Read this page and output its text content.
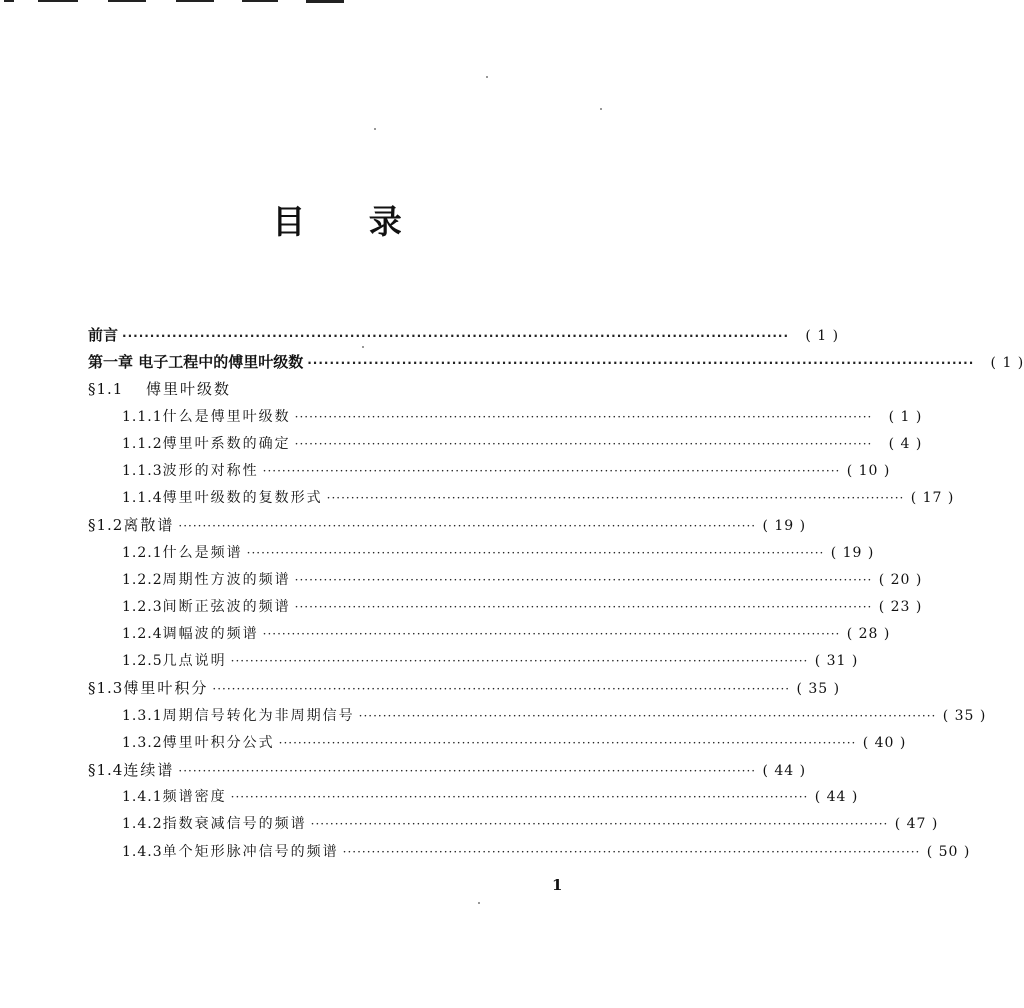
目 录
前言 ························································································································	( 1 )
第一章 电子工程中的傅里叶级数 ························································································································	( 1 )
§1.1	傅里叶级数
1.1.1 什么是傅里叶级数 ························································································································	( 1 )
1.1.2 傅里叶系数的确定 ························································································································	( 4 )
1.1.3 波形的对称性 ························································································································ ( 10 )
1.1.4 傅里叶级数的复数形式 ························································································································ ( 17 )
§1.2 离散谱 ························································································································ ( 19 )
1.2.1 什么是频谱 ························································································································ ( 19 )
1.2.2 周期性方波的频谱 ························································································································ ( 20 )
1.2.3 间断正弦波的频谱 ························································································································ ( 23 )
1.2.4 调幅波的频谱 ························································································································ ( 28 )
1.2.5 几点说明 ························································································································ ( 31 )
§1.3 傅里叶积分 ························································································································ ( 35 )
1.3.1 周期信号转化为非周期信号 ························································································································ ( 35 )
1.3.2 傅里叶积分公式 ························································································································ ( 40 )
§1.4 连续谱 ························································································································ ( 44 )
1.4.1 频谱密度 ························································································································ ( 44 )
1.4.2 指数衰减信号的频谱 ························································································································ ( 47 )
1.4.3 单个矩形脉冲信号的频谱 ························································································································ ( 50 )
1
